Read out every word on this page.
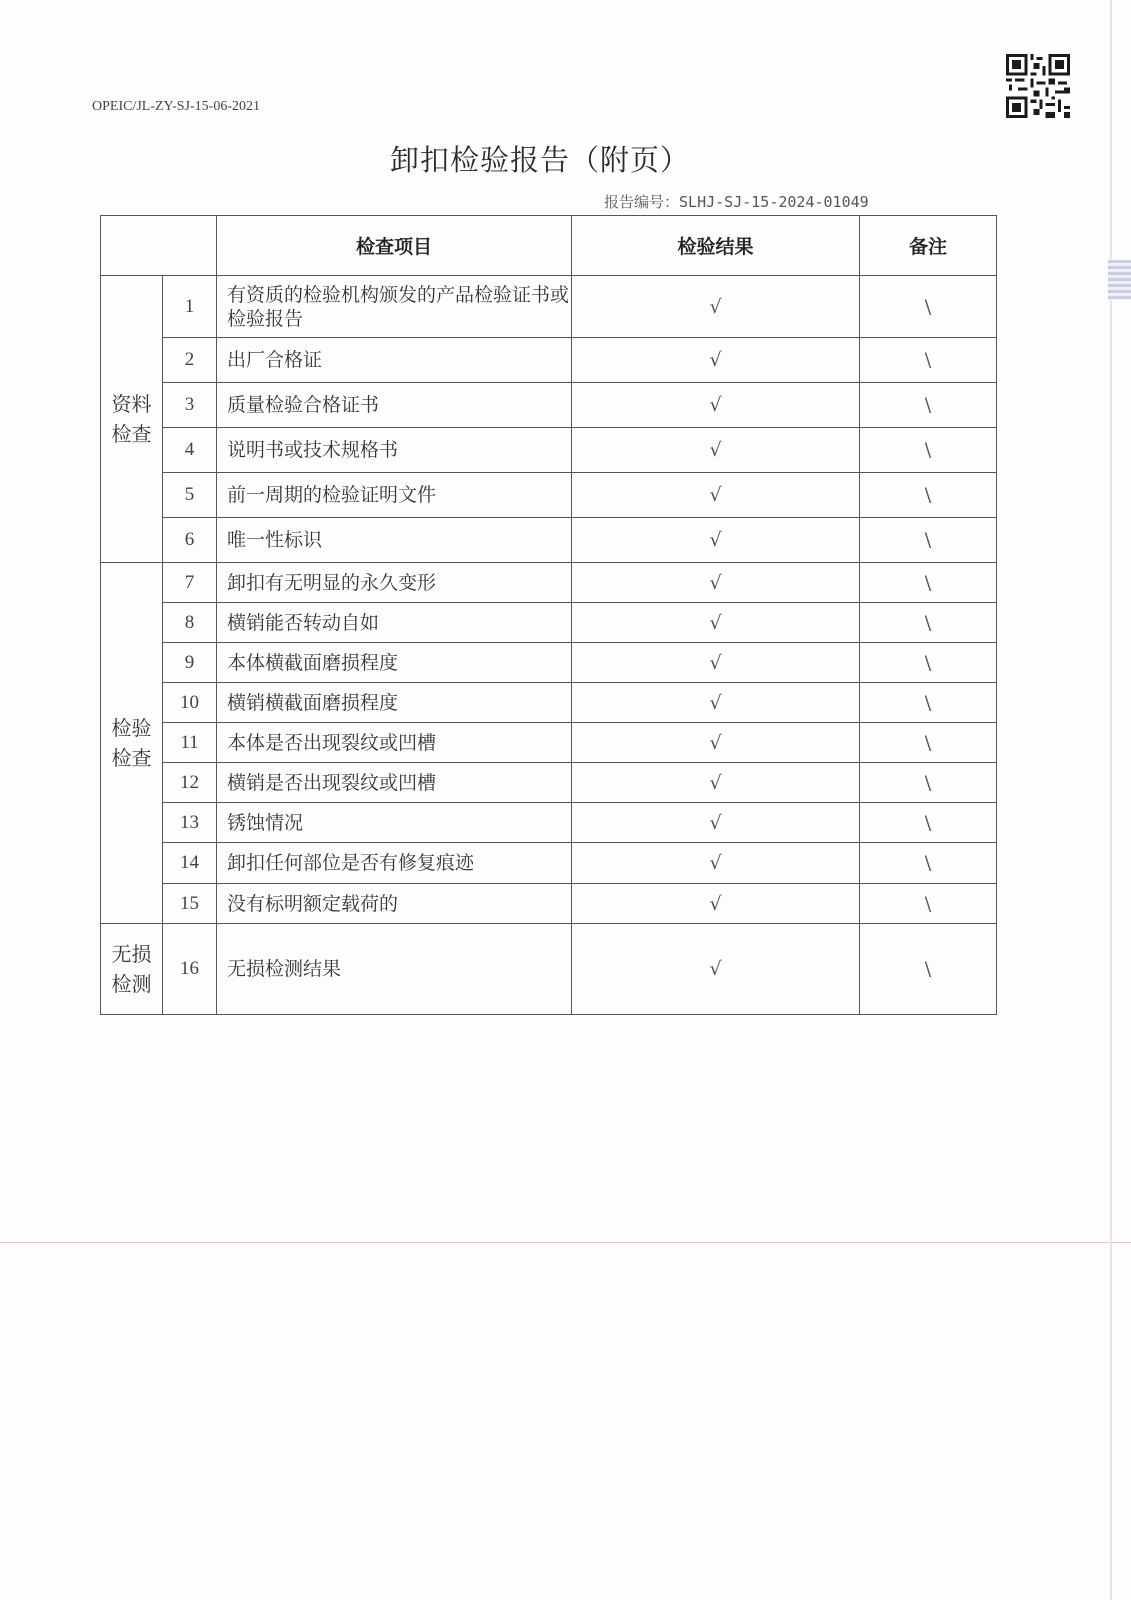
OPEIC/JL-ZY-SJ-15-06-2021
卸扣检验报告（附页）
报告编号：SLHJ-SJ-15-2024-01049
		检查项目	检验结果	备注

资料检查	1	有资质的检验机构颁发的产品检验证书或检验报告	√	\
	2	出厂合格证	√	\
	3	质量检验合格证书	√	\
	4	说明书或技术规格书	√	\
	5	前一周期的检验证明文件	√	\
	6	唯一性标识	√	\

检验检查	7	卸扣有无明显的永久变形	√	\
	8	横销能否转动自如	√	\
	9	本体横截面磨损程度	√	\
	10	横销横截面磨损程度	√	\
	11	本体是否出现裂纹或凹槽	√	\
	12	横销是否出现裂纹或凹槽	√	\
	13	锈蚀情况	√	\
	14	卸扣任何部位是否有修复痕迹	√	\
	15	没有标明额定载荷的	√	\

无损检测	16	无损检测结果	√	\
